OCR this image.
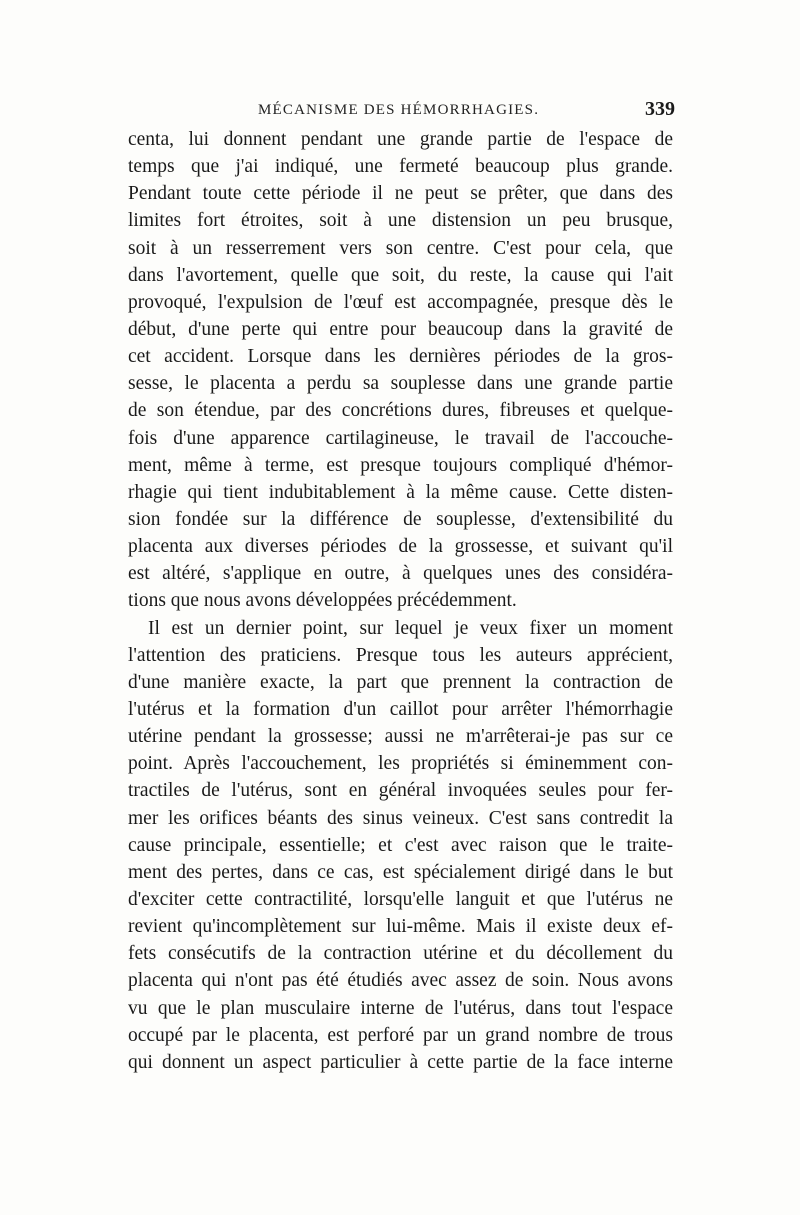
MÉCANISME DES HÉMORRHAGIES.	339
centa, lui donnent pendant une grande partie de l'espace de
temps que j'ai indiqué, une fermeté beaucoup plus grande.
Pendant toute cette période il ne peut se prêter, que dans des
limites fort étroites, soit à une distension un peu brusque,
soit à un resserrement vers son centre. C'est pour cela, que
dans l'avortement, quelle que soit, du reste, la cause qui l'ait
provoqué, l'expulsion de l'œuf est accompagnée, presque dès le
début, d'une perte qui entre pour beaucoup dans la gravité de
cet accident. Lorsque dans les dernières périodes de la gros-
sesse, le placenta a perdu sa souplesse dans une grande partie
de son étendue, par des concrétions dures, fibreuses et quelque-
fois d'une apparence cartilagineuse, le travail de l'accouche-
ment, même à terme, est presque toujours compliqué d'hémor-
rhagie qui tient indubitablement à la même cause. Cette disten-
sion fondée sur la différence de souplesse, d'extensibilité du
placenta aux diverses périodes de la grossesse, et suivant qu'il
est altéré, s'applique en outre, à quelques unes des considéra-
tions que nous avons développées précédemment.
Il est un dernier point, sur lequel je veux fixer un moment
l'attention des praticiens. Presque tous les auteurs apprécient,
d'une manière exacte, la part que prennent la contraction de
l'utérus et la formation d'un caillot pour arrêter l'hémorrhagie
utérine pendant la grossesse; aussi ne m'arrêterai-je pas sur ce
point. Après l'accouchement, les propriétés si éminemment con-
tractiles de l'utérus, sont en général invoquées seules pour fer-
mer les orifices béants des sinus veineux. C'est sans contredit la
cause principale, essentielle; et c'est avec raison que le traite-
ment des pertes, dans ce cas, est spécialement dirigé dans le but
d'exciter cette contractilité, lorsqu'elle languit et que l'utérus ne
revient qu'incomplètement sur lui-même. Mais il existe deux ef-
fets consécutifs de la contraction utérine et du décollement du
placenta qui n'ont pas été étudiés avec assez de soin. Nous avons
vu que le plan musculaire interne de l'utérus, dans tout l'espace
occupé par le placenta, est perforé par un grand nombre de trous
qui donnent un aspect particulier à cette partie de la face interne
